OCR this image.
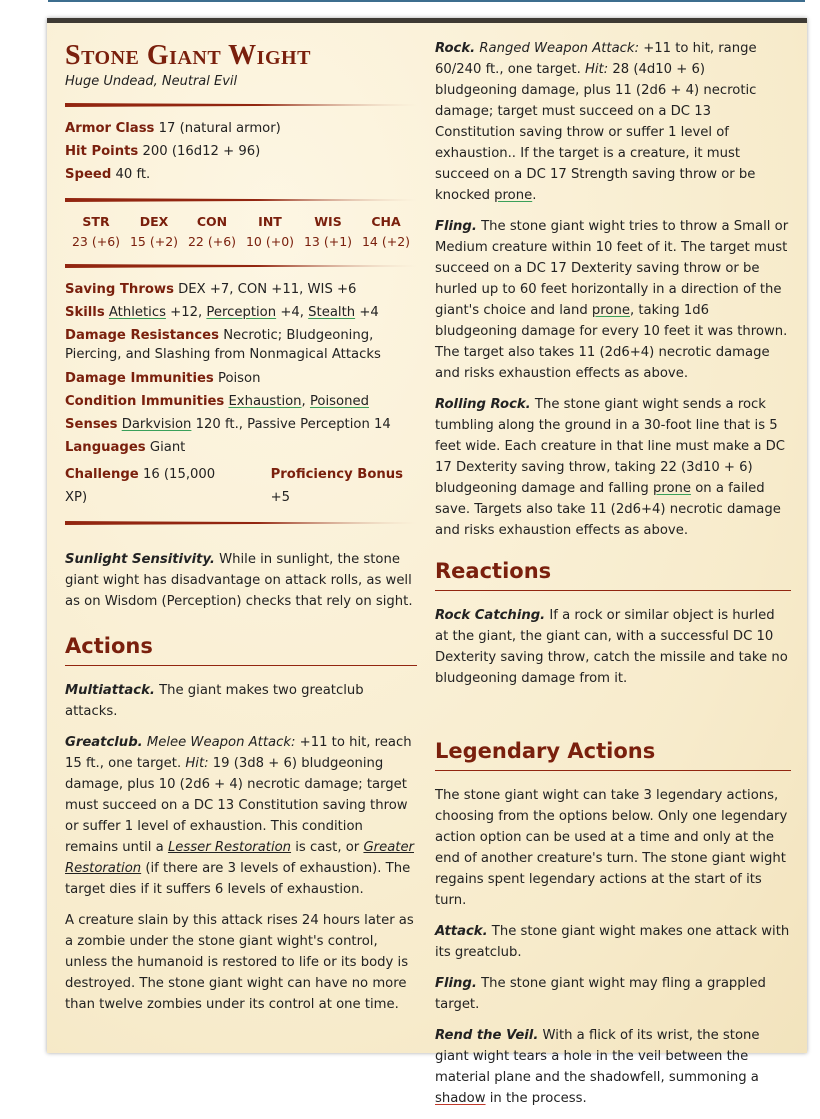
Stone Giant Wight
Huge Undead, Neutral Evil
Armor Class 17 (natural armor)
Hit Points 200 (16d12 + 96)
Speed 40 ft.
STR
23 (+6)
DEX
15 (+2)
CON
22 (+6)
INT
10 (+0)
WIS
13 (+1)
CHA
14 (+2)
Saving Throws DEX +7, CON +11, WIS +6
Skills Athletics +12, Perception +4, Stealth +4
Damage Resistances Necrotic; Bludgeoning, Piercing, and Slashing from Nonmagical Attacks
Damage Immunities Poison
Condition Immunities Exhaustion, Poisoned
Senses Darkvision 120 ft., Passive Perception 14
Languages Giant
Challenge 16 (15,000 XP)
Proficiency Bonus +5

Sunlight Sensitivity. While in sunlight, the stone giant wight has disadvantage on attack rolls, as well as on Wisdom (Perception) checks that rely on sight.

Actions

Multiattack. The giant makes two greatclub attacks.

Greatclub. Melee Weapon Attack: +11 to hit, reach 15 ft., one target. Hit: 19 (3d8 + 6) bludgeoning damage, plus 10 (2d6 + 4) necrotic damage; target must succeed on a DC 13 Constitution saving throw or suffer 1 level of exhaustion. This condition remains until a Lesser Restoration is cast, or Greater Restoration (if there are 3 levels of exhaustion). The target dies if it suffers 6 levels of exhaustion.

A creature slain by this attack rises 24 hours later as a zombie under the stone giant wight's control, unless the humanoid is restored to life or its body is destroyed. The stone giant wight can have no more than twelve zombies under its control at one time.

Rock. Ranged Weapon Attack: +11 to hit, range 60/240 ft., one target. Hit: 28 (4d10 + 6) bludgeoning damage, plus 11 (2d6 + 4) necrotic damage; target must succeed on a DC 13 Constitution saving throw or suffer 1 level of exhaustion.. If the target is a creature, it must succeed on a DC 17 Strength saving throw or be knocked prone.

Fling. The stone giant wight tries to throw a Small or Medium creature within 10 feet of it. The target must succeed on a DC 17 Dexterity saving throw or be hurled up to 60 feet horizontally in a direction of the giant's choice and land prone, taking 1d6 bludgeoning damage for every 10 feet it was thrown. The target also takes 11 (2d6+4) necrotic damage and risks exhaustion effects as above.

Rolling Rock. The stone giant wight sends a rock tumbling along the ground in a 30-foot line that is 5 feet wide. Each creature in that line must make a DC 17 Dexterity saving throw, taking 22 (3d10 + 6) bludgeoning damage and falling prone on a failed save. Targets also take 11 (2d6+4) necrotic damage and risks exhaustion effects as above.

Reactions

Rock Catching. If a rock or similar object is hurled at the giant, the giant can, with a successful DC 10 Dexterity saving throw, catch the missile and take no bludgeoning damage from it.

Legendary Actions

The stone giant wight can take 3 legendary actions, choosing from the options below. Only one legendary action option can be used at a time and only at the end of another creature's turn. The stone giant wight regains spent legendary actions at the start of its turn.

Attack. The stone giant wight makes one attack with its greatclub.

Fling. The stone giant wight may fling a grappled target.

Rend the Veil. With a flick of its wrist, the stone giant wight tears a hole in the veil between the material plane and the shadowfell, summoning a shadow in the process.
